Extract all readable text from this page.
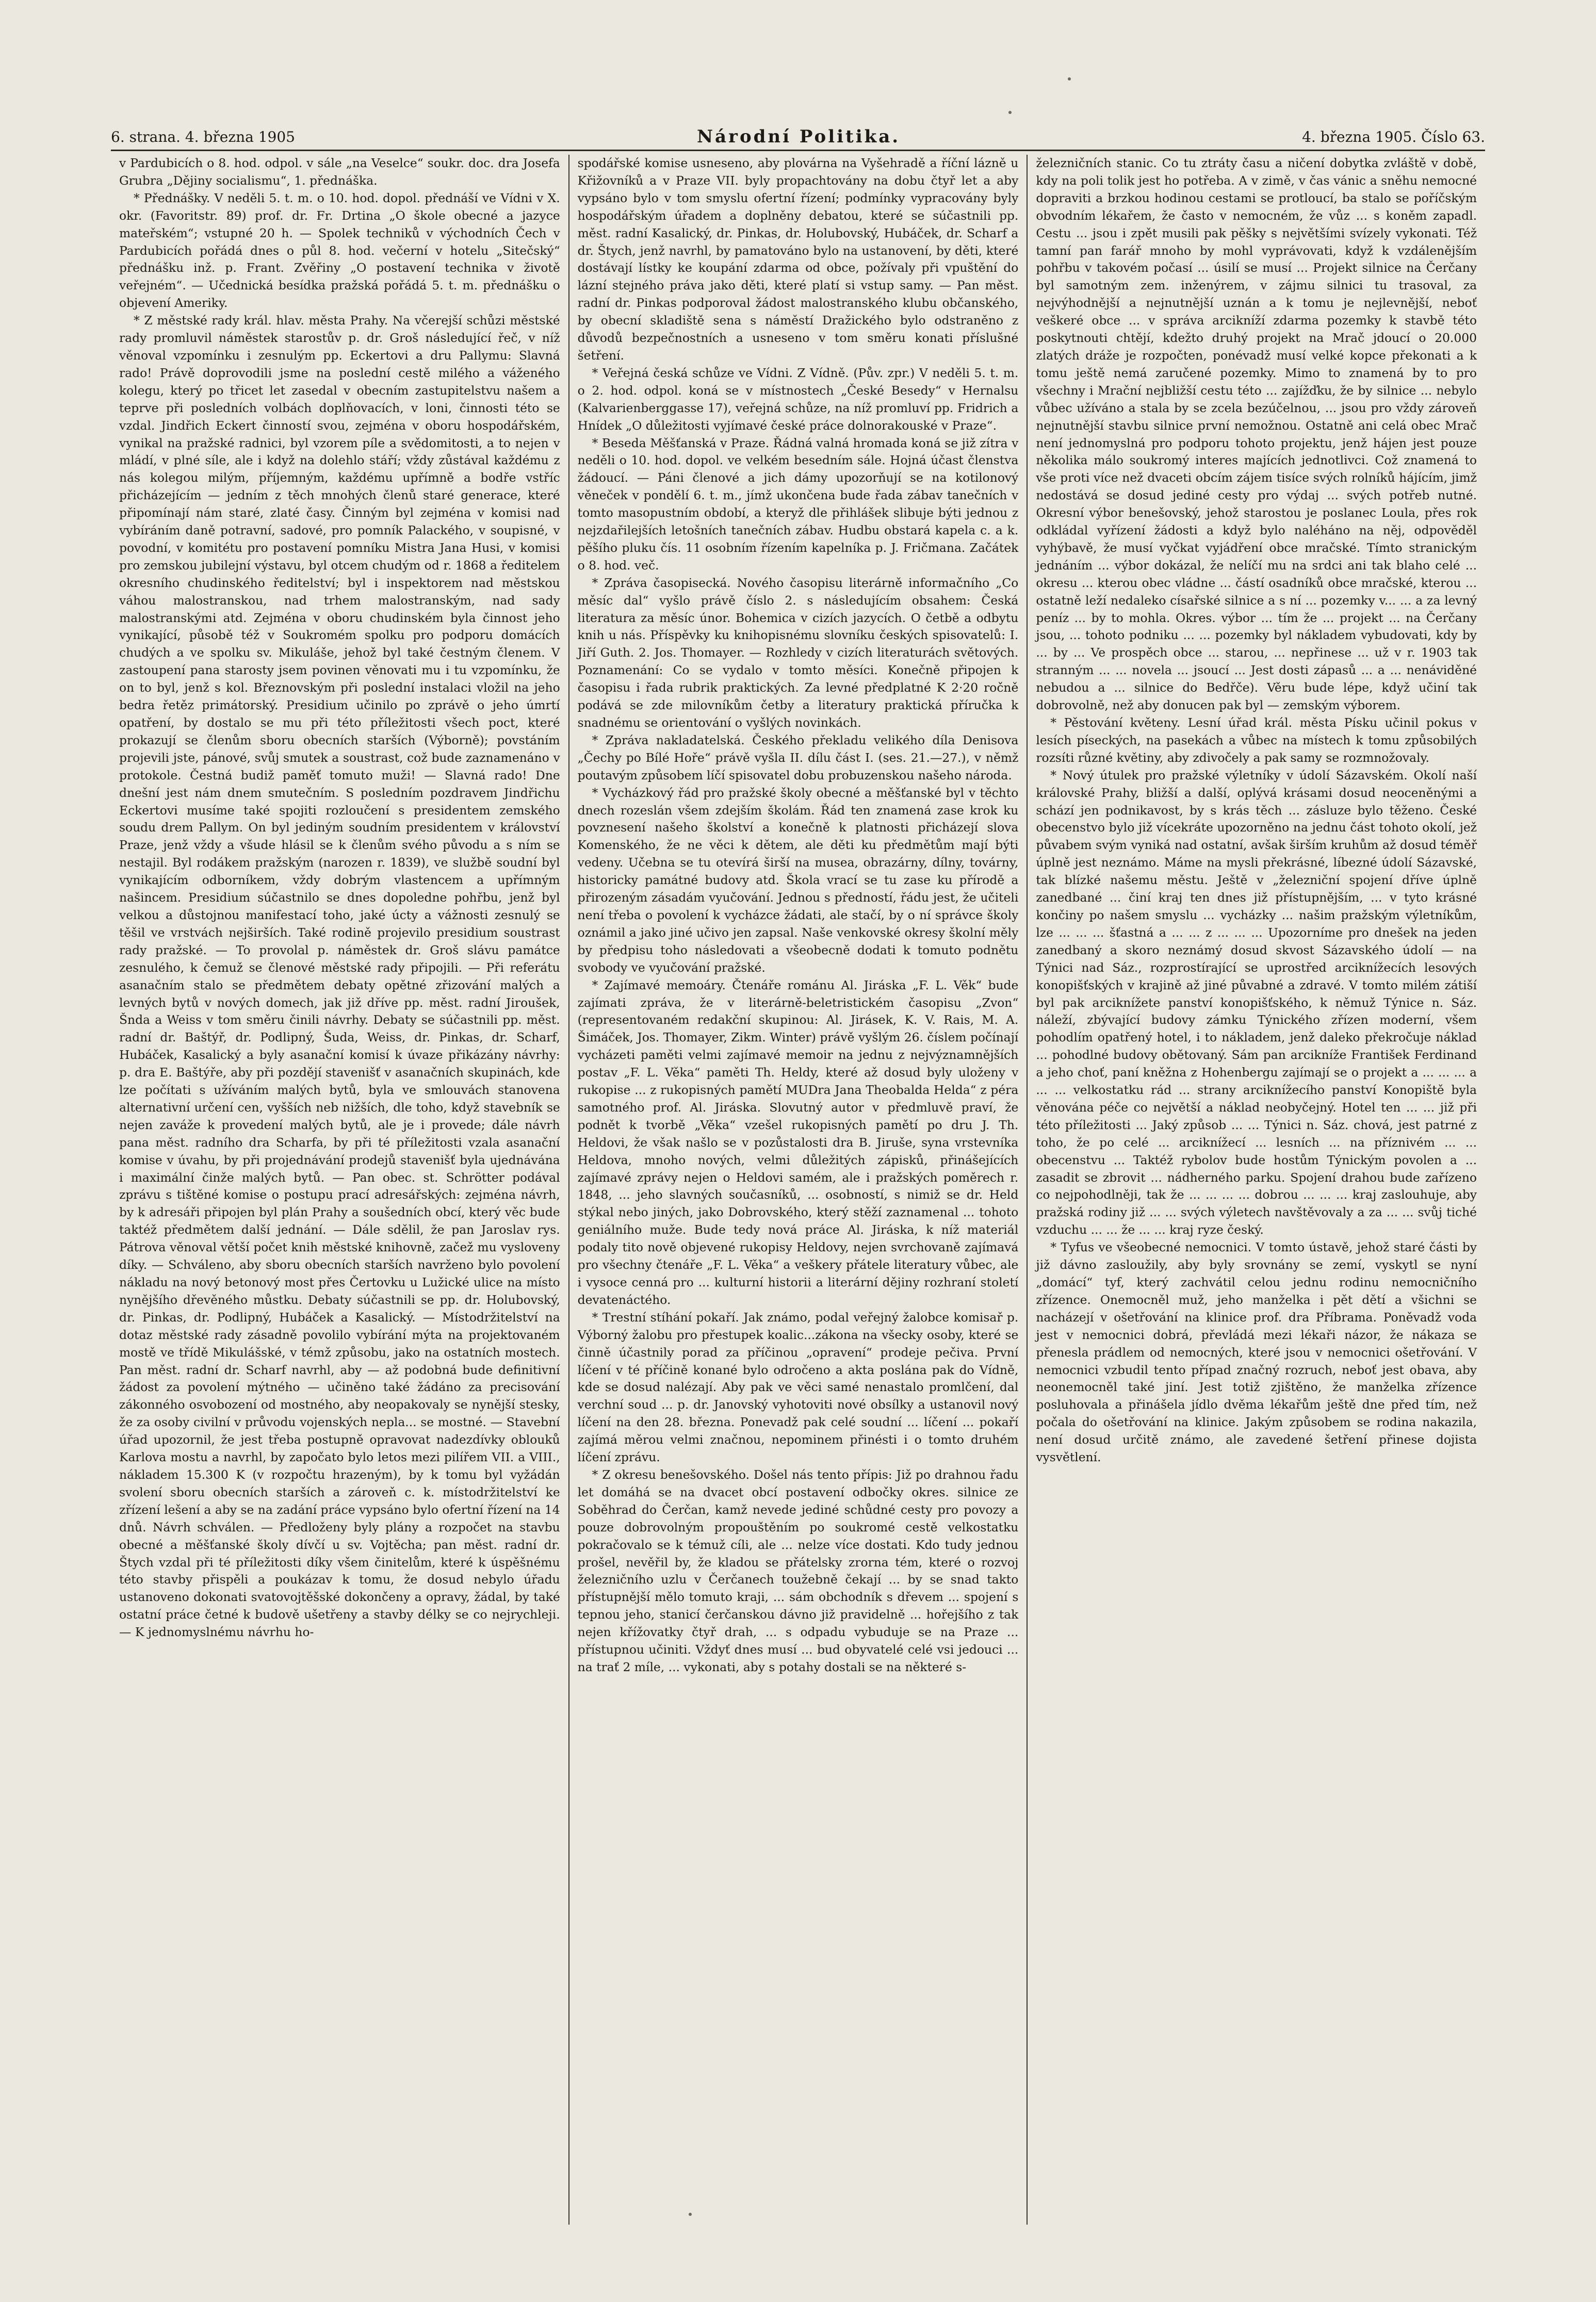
6. strana. 4. března 1905	Národní Politika.	4. března 1905. Číslo 63.

v Pardubicích o 8. hod. odpol. v sále „na Veselce“ soukr. doc. dra Josefa Grubra „Dějiny socialismu“, 1. přednáška.

* Přednášky. V neděli 5. t. m. o 10. hod. dopol. přednáší ve Vídni v X. okr. (Favoritstr. 89) prof. dr. Fr. Drtina „O škole obecné a jazyce mateřském“; vstupné 20 h. — Spolek techniků v východních Čech v Pardubicích pořádá dnes o půl 8. hod. večerní v hotelu „Sitečský“ přednášku inž. p. Frant. Zvěřiny „O postavení technika v životě veřejném“. — Učednická besídka pražská pořádá 5. t. m. přednášku o objevení Ameriky.

* Z městské rady král. hlav. města Prahy. Na včerejší schůzi městské rady promluvil náměstek starostův p. dr. Groš následující řeč, v níž věnoval vzpomínku i zesnulým pp. Eckertovi a dru Pallymu: Slavná rado! Právě doprovodili jsme na poslední cestě milého a váženého kolegu, který po třicet let zasedal v obecním zastupitelstvu našem a teprve při posledních volbách doplňovacích, v loni, činnosti této se vzdal. Jindřich Eckert činností svou, zejména v oboru hospodářském, vynikal na pražské radnici, byl vzorem píle a svědomitosti, a to nejen v mládí, v plné síle, ale i když na dolehlo stáří; vždy zůstával každému z nás kolegou milým, příjemným, každému upřímně a bodře vstříc přicházejícím — jedním z těch mnohých členů staré generace, které připomínají nám staré, zlaté časy. Činným byl zejména v komisi nad vybíráním daně potravní, sadové, pro pomník Palackého, v soupisné, v povodní, v komitétu pro postavení pomníku Mistra Jana Husi, v komisi pro zemskou jubilejní výstavu, byl otcem chudým od r. 1868 a ředitelem okresního chudinského ředitelství; byl i inspektorem nad městskou váhou malostranskou, nad trhem malostranským, nad sady malostranskými atd. Zejména v oboru chudinském byla činnost jeho vynikající, působě též v Soukromém spolku pro podporu domácích chudých a ve spolku sv. Mikuláše, jehož byl také čestným členem. V zastoupení pana starosty jsem povinen věnovati mu i tu vzpomínku, že on to byl, jenž s kol. Březnovským při poslední instalaci vložil na jeho bedra řetěz primátorský. Presidium učinilo po zprávě o jeho úmrtí opatření, by dostalo se mu při této příležitosti všech poct, které prokazují se členům sboru obecních starších (Výborně); povstáním projevili jste, pánové, svůj smutek a soustrast, což bude zaznamenáno v protokole. Čestná budiž paměť tomuto muži! — Slavná rado! Dne dnešní jest nám dnem smutečním. S posledním pozdravem Jindřichu Eckertovi musíme také spojiti rozloučení s presidentem zemského soudu drem Pallym. On byl jediným soudním presidentem v království Praze, jenž vždy a všude hlásil se k členům svého původu a s ním se nestajil. Byl rodákem pražským (narozen r. 1839), ve službě soudní byl vynikajícím odborníkem, vždy dobrým vlastencem a upřímným našincem. Presidium súčastnilo se dnes dopoledne pohřbu, jenž byl velkou a důstojnou manifestací toho, jaké úcty a vážnosti zesnulý se těšil ve vrstvách nejširších. Také rodině projevilo presidium soustrast rady pražské. — To provolal p. náměstek dr. Groš slávu památce zesnulého, k čemuž se členové městské rady připojili. — Při referátu asanačním stalo se předmětem debaty opětné zřizování malých a levných bytů v nových domech, jak již dříve pp. měst. radní Jiroušek, Šnda a Weiss v tom směru činili návrhy. Debaty se súčastnili pp. měst. radní dr. Baštýř, dr. Podlipný, Šuda, Weiss, dr. Pinkas, dr. Scharf, Hubáček, Kasalický a byly asanační komisí k úvaze přikázány návrhy: p. dra E. Baštýře, aby při pozdějí stavenišť v asanačních skupinách, kde lze počítati s užíváním malých bytů, byla ve smlouvách stanovena alternativní určení cen, vyšších neb nižších, dle toho, když stavebník se nejen zaváže k provedení malých bytů, ale je i provede; dále návrh pana měst. radního dra Scharfa, by při té příležitosti vzala asanační komise v úvahu, by při projednávání prodejů stavenišť byla ujednávána i maximální činže malých bytů. — Pan obec. st. Schrötter podával zprávu s tištěné komise o postupu prací adresářských: zejména návrh, by k adresáři připojen byl plán Prahy a soušedních obcí, který věc bude taktéž předmětem další jednání. — Dále sdělil, že pan Jaroslav rys. Pátrova věnoval větší počet knih městské knihovně, začež mu vysloveny díky. — Schváleno, aby sboru obecních starších navrženo bylo povolení nákladu na nový betonový most přes Čertovku u Lužické ulice na místo nynějšího dřevěného můstku. Debaty súčastnili se pp. dr. Holubovský, dr. Pinkas, dr. Podlipný, Hubáček a Kasalický. — Místodržitelství na dotaz městské rady zásadně povolilo vybírání mýta na projektovaném mostě ve třídě Mikulášské, v témž způsobu, jako na ostatních mostech. Pan měst. radní dr. Scharf navrhl, aby — až podobná bude definitivní žádost za povolení mýtného — učiněno také žádáno za precisování zákonného osvobození od mostného, aby neopakovaly se nynější stesky, že za osoby civilní v průvodu vojenských nepla... se mostné. — Stavební úřad upozornil, že jest třeba postupně opravovat nadezdívky oblouků Karlova mostu a navrhl, by započato bylo letos mezi pilířem VII. a VIII., nákladem 15.300 K (v rozpočtu hrazeným), by k tomu byl vyžádán svolení sboru obecních starších a zároveň c. k. místodržitelství ke zřízení lešení a aby se na zadání práce vypsáno bylo ofertní řízení na 14 dnů. Návrh schválen. — Předloženy byly plány a rozpočet na stavbu obecné a měšťanské školy dívčí u sv. Vojtěcha; pan měst. radní dr. Štych vzdal při té příležitosti díky všem činitelům, které k úspěšnému této stavby přispěli a poukázav k tomu, že dosud nebylo úřadu ustanoveno dokonati svatovojtěšské dokončeny a opravy, žádal, by také ostatní práce četné k budově ušetřeny a stavby délky se co nejrychleji. — K jednomyslnému návrhu ho-

spodářské komise usneseno, aby plovárna na Vyšehradě a říční lázně u Křižovníků a v Praze VII. byly propachtovány na dobu čtyř let a aby vypsáno bylo v tom smyslu ofertní řízení; podmínky vypracovány byly hospodářským úřadem a doplněny debatou, které se súčastnili pp. měst. radní Kasalický, dr. Pinkas, dr. Holubovský, Hubáček, dr. Scharf a dr. Štych, jenž navrhl, by pamatováno bylo na ustanovení, by děti, které dostávají lístky ke koupání zdarma od obce, požívaly při vpuštění do lázní stejného práva jako děti, které platí si vstup samy. — Pan měst. radní dr. Pinkas podporoval žádost malostranského klubu občanského, by obecní skladiště sena s náměstí Dražického bylo odstraněno z důvodů bezpečnostních a usneseno v tom směru konati příslušné šetření.

* Veřejná česká schůze ve Vídni. Z Vídně. (Pův. zpr.) V neděli 5. t. m. o 2. hod. odpol. koná se v místnostech „České Besedy“ v Hernalsu (Kalvarienberggasse 17), veřejná schůze, na níž promluví pp. Fridrich a Hnídek „O důležitosti vyjímavé české práce dolnorakouské v Praze“.

* Beseda Měšťanská v Praze. Řádná valná hromada koná se již zítra v neděli o 10. hod. dopol. ve velkém besedním sále. Hojná účast členstva žádoucí. — Páni členové a jich dámy upozorňují se na kotilonový věneček v pondělí 6. t. m., jímž ukončena bude řada zábav tanečních v tomto masopustním období, a kteryž dle přihlášek slibuje býti jednou z nejzdařilejších letošních tanečních zábav. Hudbu obstará kapela c. a k. pěšího pluku čís. 11 osobním řízením kapelníka p. J. Fričmana. Začátek o 8. hod. več.

* Zpráva časopisecká. Nového časopisu literárně informačního „Co měsíc dal“ vyšlo právě číslo 2. s následujícím obsahem: Česká literatura za měsíc únor. Bohemica v cizích jazycích. O četbě a odbytu knih u nás. Příspěvky ku knihopisnému slovníku českých spisovatelů: I. Jiří Guth. 2. Jos. Thomayer. — Rozhledy v cizích literaturách světových. Poznamenání: Co se vydalo v tomto měsíci. Konečně připojen k časopisu i řada rubrik praktických. Za levné předplatné K 2·20 ročně podává se zde milovníkům četby a literatury praktická příručka k snadnému se orientování o vyšlých novinkách.

* Zpráva nakladatelská. Českého překladu velikého díla Denisova „Čechy po Bílé Hoře“ právě vyšla II. dílu část I. (ses. 21.—27.), v němž poutavým způsobem líčí spisovatel dobu probuzenskou našeho národa.

* Vycházkový řád pro pražské školy obecné a měšťanské byl v těchto dnech rozeslán všem zdejším školám. Řád ten znamená zase krok ku povznesení našeho školství a konečně k platnosti přicházejí slova Komenského, že ne věci k dětem, ale děti ku předmětům mají býti vedeny. Učebna se tu otevírá širší na musea, obrazárny, dílny, továrny, historicky památné budovy atd. Škola vrací se tu zase ku přírodě a přirozeným zásadám vyučování. Jednou s předností, řádu jest, že učiteli není třeba o povolení k vycházce žádati, ale stačí, by o ní správce školy oznámil a jako jiné učivo jen zapsal. Naše venkovské okresy školní měly by předpisu toho následovati a všeobecně dodati k tomuto podnětu svobody ve vyučování pražské.

* Zajímavé memoáry. Čtenáře románu Al. Jiráska „F. L. Věk“ bude zajímati zpráva, že v literárně-beletristickém časopisu „Zvon“ (representovaném redakční skupinou: Al. Jirásek, K. V. Rais, M. A. Šimáček, Jos. Thomayer, Zikm. Winter) právě vyšlým 26. číslem počínají vycházeti paměti velmi zajímavé memoir na jednu z nejvýznamnějších postav „F. L. Věka“ paměti Th. Heldy, které až dosud byly uloženy v rukopise ... z rukopisných pamětí MUDra Jana Theobalda Helda“ z péra samotného prof. Al. Jiráska. Slovutný autor v předmluvě praví, že podnět k tvorbě „Věka“ vzešel rukopisných pamětí po dru J. Th. Heldovi, že však našlo se v pozůstalosti dra B. Jiruše, syna vrstevníka Heldova, mnoho nových, velmi důležitých zápisků, přinášejících zajímavé zprávy nejen o Heldovi samém, ale i pražských poměrech r. 1848, ... jeho slavných současníků, ... osobností, s nimiž se dr. Held stýkal nebo jiných, jako Dobrovského, který stěží zaznamenal ... tohoto geniálního muže. Bude tedy nová práce Al. Jiráska, k níž materiál podaly tito nově objevené rukopisy Heldovy, nejen svrchovaně zajímavá pro všechny čtenáře „F. L. Věka“ a veškery přátele literatury vůbec, ale i vysoce cenná pro ... kulturní historii a literární dějiny rozhraní století devatenáctého.

* Trestní stíhání pokaří. Jak známo, podal veřejný žalobce komisař p. Výborný žalobu pro přestupek koalic...zákona na všecky osoby, které se činně účastnily porad za příčinou „opravení“ prodeje pečiva. První líčení v té příčině konané bylo odročeno a akta poslána pak do Vídně, kde se dosud nalézají. Aby pak ve věci samé nenastalo promlčení, dal verchní soud ... p. dr. Janovský vyhotoviti nové obsílky a ustanovil nový líčení na den 28. března. Ponevadž pak celé soudní ... líčení ... pokaří zajímá měrou velmi značnou, nepominem přinésti i o tomto druhém líčení zprávu.

* Z okresu benešovského. Došel nás tento přípis: Již po drahnou řadu let domáhá se na dvacet obcí postavení odbočky okres. silnice ze Soběhrad do Čerčan, kamž nevede jediné schůdné cesty pro povozy a pouze dobrovolným propouštěním po soukromé cestě velkostatku pokračovalo se k témuž cíli, ale ... nelze více dostati. Kdo tudy jednou prošel, nevěřil by, že kladou se přátelsky zrorna tém, které o rozvoj železničního uzlu v Čerčanech toužebně čekají ... by se snad takto přístupnější mělo tomuto kraji, ... sám obchodník s dřevem ... spojení s tepnou jeho, stanicí čerčanskou dávno již pravidelně ... hořejšího z tak nejen křížovatky čtyř drah, ... s odpadu vybuduje se na Praze ... přístupnou učiniti. Vždyť dnes musí ... bud obyvatelé celé vsi jedouci ... na trať 2 míle, ... vykonati, aby s potahy dostali se na některé s-

železničních stanic. Co tu ztráty času a ničení dobytka zvláště v době, kdy na poli tolik jest ho potřeba. A v zimě, v čas vánic a sněhu nemocné dopraviti a brzkou hodinou cestami se protloucí, ba stalo se poříčským obvodním lékařem, že často v nemocném, že vůz ... s koněm zapadl. Cestu ... jsou i zpět musili pak pěšky s největšími svízely vykonati. Též tamní pan farář mnoho by mohl vyprávovati, když k vzdálenějším pohřbu v takovém počasí ... úsilí se musí ... Projekt silnice na Čerčany byl samotným zem. inženýrem, v zájmu silnici tu trasoval, za nejvýhodnější a nejnutnější uznán a k tomu je nejlevnější, neboť veškeré obce ... v správa arcikníží zdarma pozemky k stavbě této poskytnouti chtějí, kdežto druhý projekt na Mrač jdoucí o 20.000 zlatých dráže je rozpočten, ponévadž musí velké kopce překonati a k tomu ještě nemá zaručené pozemky. Mimo to znamená by to pro všechny i Mrační nejbližší cestu této ... zajížďku, že by silnice ... nebylo vůbec užíváno a stala by se zcela bezúčelnou, ... jsou pro vždy zároveň nejnutnější stavbu silnice první nemožnou. Ostatně ani celá obec Mrač není jednomyslná pro podporu tohoto projektu, jenž hájen jest pouze několika málo soukromý interes majících jednotlivci. Což znamená to vše proti více než dvaceti obcím zájem tisíce svých rolníků hájícím, jimž nedostává se dosud jediné cesty pro výdaj ... svých potřeb nutné. Okresní výbor benešovský, jehož starostou je poslanec Loula, přes rok odkládal vyřízení žádosti a když bylo naléháno na něj, odpověděl vyhýbavě, že musí vyčkat vyjádření obce mračské. Tímto stranickým jednáním ... výbor dokázal, že nelíčí mu na srdci ani tak blaho celé ... okresu ... kterou obec vládne ... částí osadníků obce mračské, kterou ... ostatně leží nedaleko císařské silnice a s ní ... pozemky v... ... a za levný peníz ... by to mohla. Okres. výbor ... tím že ... projekt ... na Čerčany jsou, ... tohoto podniku ... ... pozemky byl nákladem vybudovati, kdy by ... by ... Ve prospěch obce ... starou, ... nepřinese ... už v r. 1903 tak stranným ... ... novela ... jsoucí ... Jest dosti zápasů ... a ... nenáviděné nebudou a ... silnice do Bedřče). Věru bude lépe, když učiní tak dobrovolně, než aby donucen pak byl — zemským výborem.

* Pěstování květeny. Lesní úřad král. města Písku učinil pokus v lesích píseckých, na pasekách a vůbec na místech k tomu způsobilých rozsíti různé květiny, aby zdivočely a pak samy se rozmnožovaly.

* Nový útulek pro pražské výletníky v údolí Sázavském. Okolí naší královské Prahy, bližší a další, oplývá krásami dosud neoceněnými a schází jen podnikavost, by s krás těch ... zásluze bylo těženo. České obecenstvo bylo již vícekráte upozorněno na jednu část tohoto okolí, jež půvabem svým vyniká nad ostatní, avšak širším kruhům až dosud téměř úplně jest neznámo. Máme na mysli překrásné, líbezné údolí Sázavské, tak blízké našemu městu. Ještě v „železniční spojení dříve úplně zanedbané ... činí kraj ten dnes již přístupnějším, ... v tyto krásné končiny po našem smyslu ... vycházky ... našim pražským výletníkům, lze ... ... ... šťastná a ... ... z ... ... ... Upozorníme pro dnešek na jeden zanedbaný a skoro neznámý dosud skvost Sázavského údolí — na Týnici nad Sáz., rozprostírající se uprostřed arciknížecích lesových konopišťských v krajině až jiné půvabné a zdravé. V tomto milém zátiší byl pak arciknížete panství konopišťského, k němuž Týnice n. Sáz. náleží, zbývající budovy zámku Týnického zřízen moderní, všem pohodlím opatřený hotel, i to nákladem, jenž daleko překročuje náklad ... pohodlné budovy obětovaný. Sám pan arcikníže František Ferdinand a jeho choť, paní kněžna z Hohenbergu zajímají se o projekt a ... ... ... a ... ... velkostatku rád ... strany arciknížecího panství Konopiště byla věnována péče co největší a náklad neobyčejný. Hotel ten ... ... již při této příležitosti ... Jaký způsob ... ... Týnici n. Sáz. chová, jest patrné z toho, že po celé ... arciknížecí ... lesních ... na příznivém ... ... obecenstvu ... Taktéž rybolov bude hostům Týnickým povolen a ... zasadit se zbrovit ... nádherného parku. Spojení drahou bude zařízeno co nejpohodlněji, tak že ... ... ... ... dobrou ... ... ... kraj zaslouhuje, aby pražská rodiny již ... ... svých výletech navštěvovaly a za ... ... svůj tiché vzduchu ... ... že ... ... kraj ryze český.

* Tyfus ve všeobecné nemocnici. V tomto ústavě, jehož staré části by již dávno zasloužily, aby byly srovnány se zemí, vyskytl se nyní „domácí“ tyf, který zachvátil celou jednu rodinu nemocničního zřízence. Onemocněl muž, jeho manželka i pět dětí a všichni se nacházejí v ošetřování na klinice prof. dra Příbrama. Poněvadž voda jest v nemocnici dobrá, převládá mezi lékaři názor, že nákaza se přenesla prádlem od nemocných, které jsou v nemocnici ošetřování. V nemocnici vzbudil tento případ značný rozruch, neboť jest obava, aby neonemocněl také jiní. Jest totiž zjištěno, že manželka zřízence posluhovala a přinášela jídlo dvěma lékařům ještě dne před tím, než počala do ošetřování na klinice. Jakým způsobem se rodina nakazila, není dosud určitě známo, ale zavedené šetření přinese dojista vysvětlení.
